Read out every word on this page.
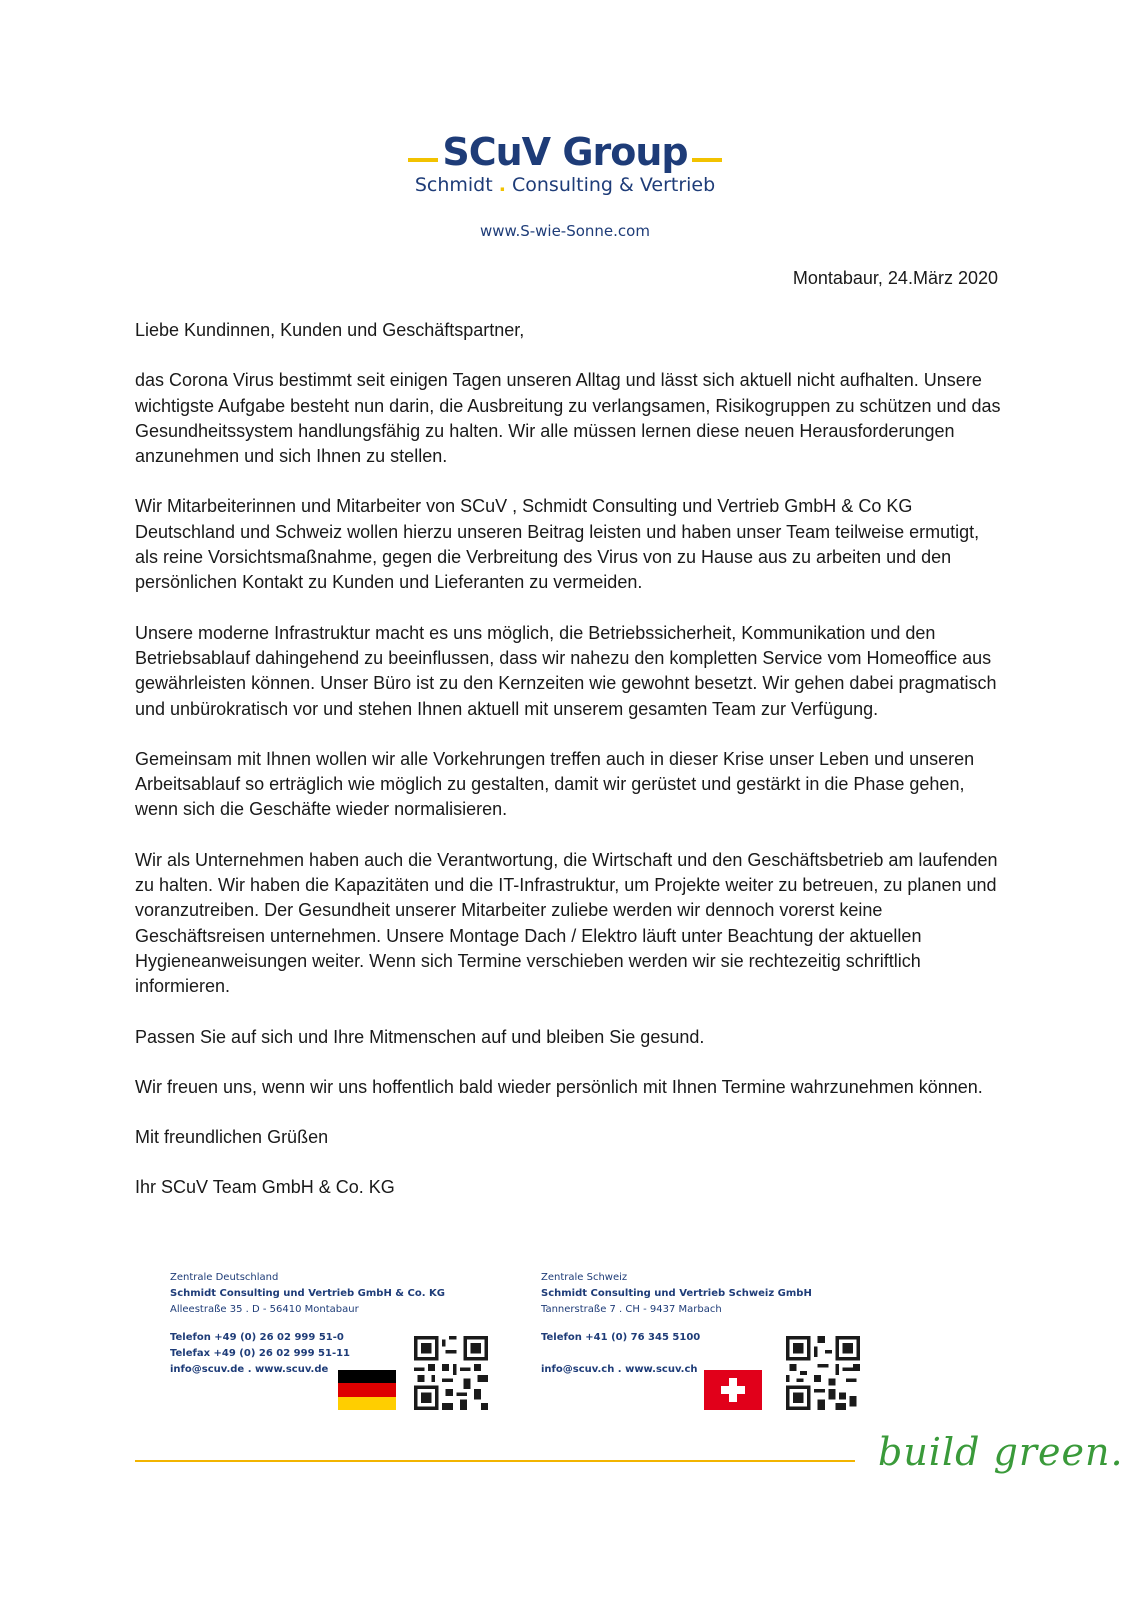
SCuV Group
Schmidt . Consulting & Vertrieb
www.S-wie-Sonne.com
Montabaur, 24.März 2020

Liebe Kundinnen, Kunden und Geschäftspartner,

das Corona Virus bestimmt seit einigen Tagen unseren Alltag und lässt sich aktuell nicht aufhalten. Unsere wichtigste Aufgabe besteht nun darin, die Ausbreitung zu verlangsamen, Risikogruppen zu schützen und das Gesundheitssystem handlungsfähig zu halten. Wir alle müssen lernen diese neuen Herausforderungen anzunehmen und sich Ihnen zu stellen.

Wir Mitarbeiterinnen und Mitarbeiter von SCuV , Schmidt Consulting und Vertrieb GmbH & Co KG Deutschland und Schweiz wollen hierzu unseren Beitrag leisten und haben unser Team teilweise ermutigt, als reine Vorsichtsmaßnahme, gegen die Verbreitung des Virus von zu Hause aus zu arbeiten und den persönlichen Kontakt zu Kunden und Lieferanten zu vermeiden.

Unsere moderne Infrastruktur macht es uns möglich, die Betriebssicherheit, Kommunikation und den Betriebsablauf dahingehend zu beeinflussen, dass wir nahezu den kompletten Service vom Homeoffice aus gewährleisten können. Unser Büro ist zu den Kernzeiten wie gewohnt besetzt. Wir gehen dabei pragmatisch und unbürokratisch vor und stehen Ihnen aktuell mit unserem gesamten Team zur Verfügung.

Gemeinsam mit Ihnen wollen wir alle Vorkehrungen treffen auch in dieser Krise unser Leben und unseren Arbeitsablauf so erträglich wie möglich zu gestalten, damit wir gerüstet und gestärkt in die Phase gehen, wenn sich die Geschäfte wieder normalisieren.

Wir als Unternehmen haben auch die Verantwortung, die Wirtschaft und den Geschäftsbetrieb am laufenden zu halten. Wir haben die Kapazitäten und die IT-Infrastruktur, um Projekte weiter zu betreuen, zu planen und voranzutreiben. Der Gesundheit unserer Mitarbeiter zuliebe werden wir dennoch vorerst keine Geschäftsreisen unternehmen. Unsere Montage Dach / Elektro läuft unter Beachtung der aktuellen Hygieneanweisungen weiter. Wenn sich Termine verschieben werden wir sie rechtezeitig schriftlich informieren.

Passen Sie auf sich und Ihre Mitmenschen auf und bleiben Sie gesund.

Wir freuen uns, wenn wir uns hoffentlich bald wieder persönlich mit Ihnen Termine wahrzunehmen können.

Mit freundlichen Grüßen

Ihr SCuV Team GmbH & Co. KG

Zentrale Deutschland
Schmidt Consulting und Vertrieb GmbH & Co. KG
Alleestraße 35 . D - 56410 Montabaur
Telefon +49 (0) 26 02 999 51-0
Telefax +49 (0) 26 02 999 51-11
info@scuv.de . www.scuv.de
Zentrale Schweiz
Schmidt Consulting und Vertrieb Schweiz GmbH
Tannerstraße 7 . CH - 9437 Marbach
Telefon +41 (0) 76 345 5100
info@scuv.ch . www.scuv.ch
build green.
